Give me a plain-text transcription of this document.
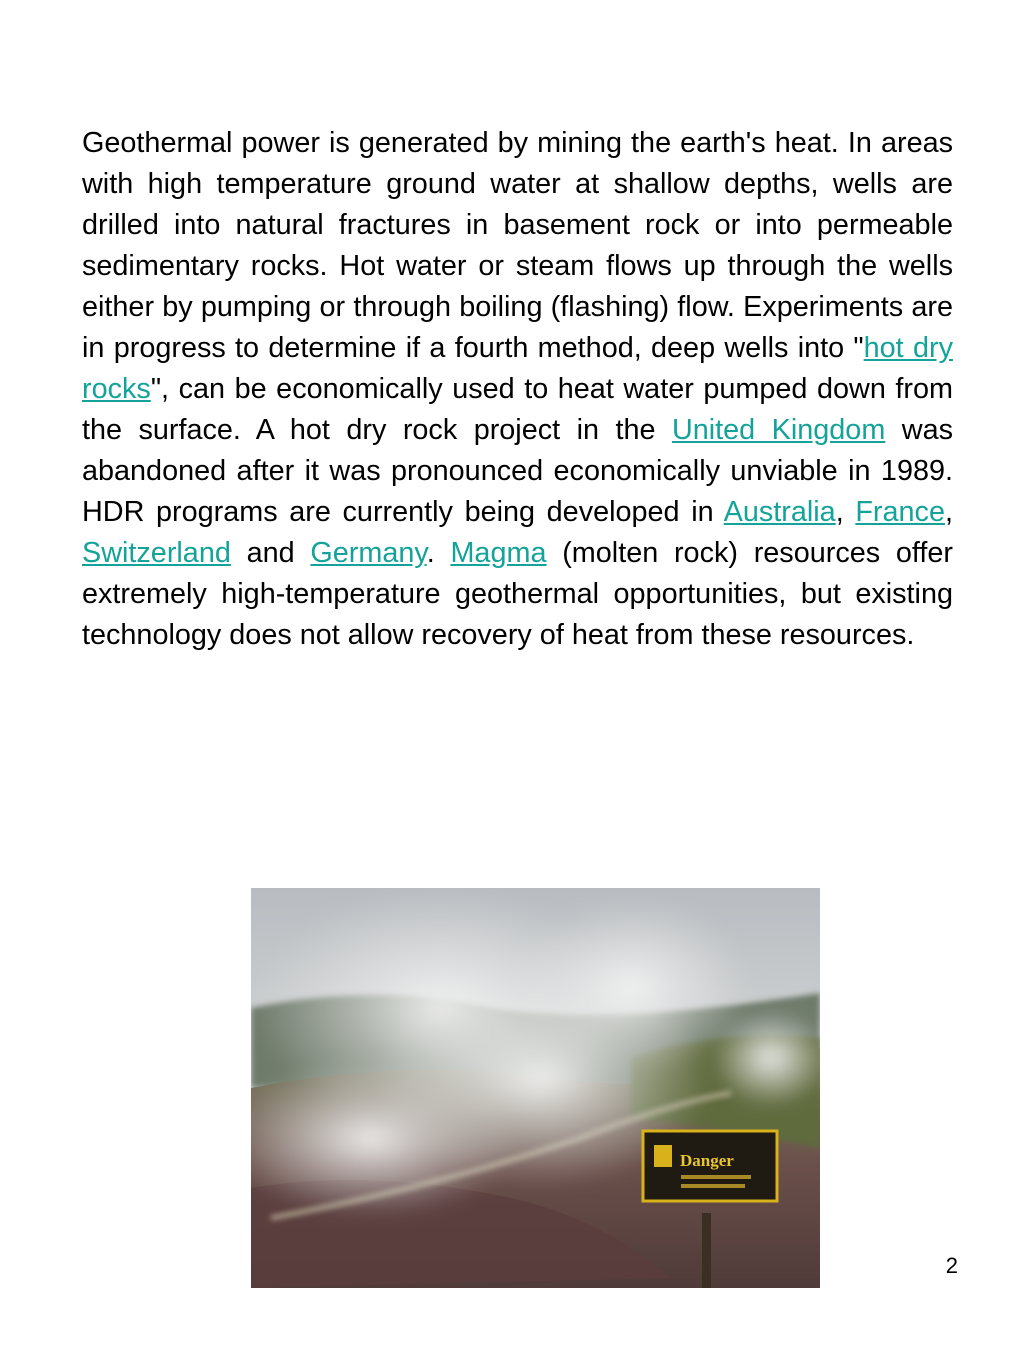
Geothermal power is generated by mining the earth's heat. In areas with high temperature ground water at shallow depths, wells are drilled into natural fractures in basement rock or into permeable sedimentary rocks. Hot water or steam flows up through the wells either by pumping or through boiling (flashing) flow. Experiments are in progress to determine if a fourth method, deep wells into "hot dry rocks", can be economically used to heat water pumped down from the surface. A hot dry rock project in the United Kingdom was abandoned after it was pronounced economically unviable in 1989. HDR programs are currently being developed in Australia, France, Switzerland and Germany. Magma (molten rock) resources offer extremely high-temperature geothermal opportunities, but existing technology does not allow recovery of heat from these resources.

Danger
2
